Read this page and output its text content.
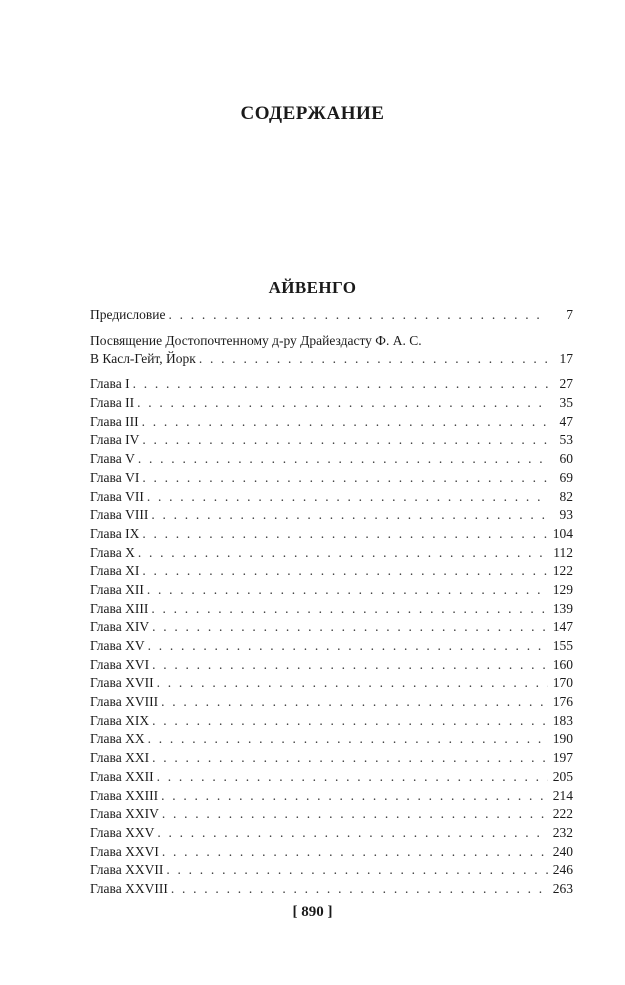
СОДЕРЖАНИЕ
АЙВЕНГО
Предисловие . . .	7
Посвящение Достопочтенному д-ру Драйездасту Ф. А. С.
В Касл-Гейт, Йорк . . .	17
Глава I . . .	27
Глава II . . .	35
Глава III . . .	47
Глава IV . . .	53
Глава V . . .	60
Глава VI . . .	69
Глава VII . . .	82
Глава VIII . . .	93
Глава IX . . .	104
Глава X . . .	112
Глава XI . . .	122
Глава XII . . .	129
Глава XIII . . .	139
Глава XIV . . .	147
Глава XV . . .	155
Глава XVI . . .	160
Глава XVII . . .	170
Глава XVIII . . .	176
Глава XIX . . .	183
Глава XX . . .	190
Глава XXI . . .	197
Глава XXII . . .	205
Глава XXIII . . .	214
Глава XXIV . . .	222
Глава XXV . . .	232
Глава XXVI . . .	240
Глава XXVII . . .	246
Глава XXVIII . . .	263
[ 890 ]
